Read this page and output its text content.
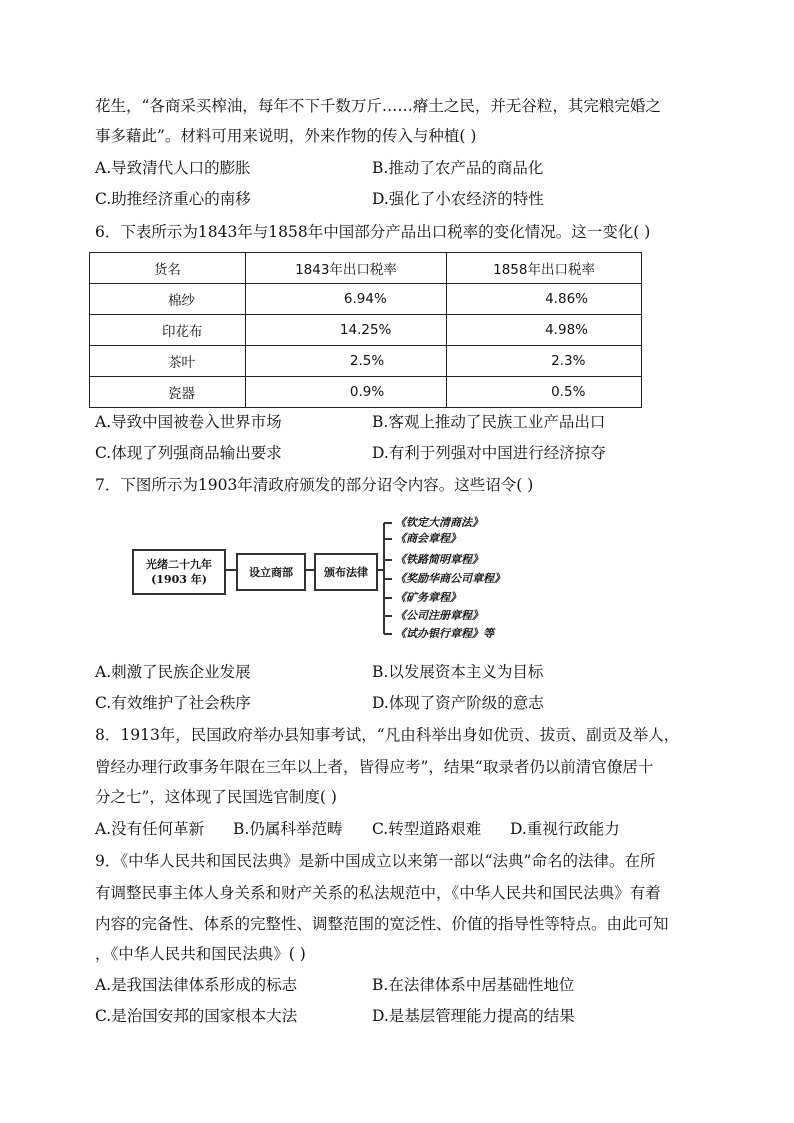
花生，“各商采买榨油，每年不下千数万斤……瘠土之民，并无谷粒，其完粮完婚之
事多藉此”。材料可用来说明，外来作物的传入与种植( )
A.导致清代人口的膨胀	B.推动了农产品的商品化
C.助推经济重心的南移	D.强化了小农经济的特性
6．下表所示为1843年与1858年中国部分产品出口税率的变化情况。这一变化( )
货名	1843年出口税率	1858年出口税率
棉纱	6.94%	4.86%
印花布	14.25%	4.98%
茶叶	2.5%	2.3%
瓷器	0.9%	0.5%
A.导致中国被卷入世界市场	B.客观上推动了民族工业产品出口
C.体现了列强商品输出要求	D.有利于列强对中国进行经济掠夺
7．下图所示为1903年清政府颁发的部分诏令内容。这些诏令( )
光绪二十九年
(1903 年)
设立商部	颁布法律
《钦定大清商法》
《商会章程》
《铁路简明章程》
《奖励华商公司章程》
《矿务章程》
《公司注册章程》
《试办银行章程》等
A.刺激了民族企业发展	B.以发展资本主义为目标
C.有效维护了社会秩序	D.体现了资产阶级的意志
8．1913年，民国政府举办县知事考试，“凡由科举出身如优贡、拔贡、副贡及举人，
曾经办理行政事务年限在三年以上者，皆得应考”，结果“取录者仍以前清官僚居十
分之七”，这体现了民国选官制度( )
A.没有任何革新 B.仍属科举范畴 C.转型道路艰难 D.重视行政能力
9．《中华人民共和国民法典》是新中国成立以来第一部以“法典”命名的法律。在所
有调整民事主体人身关系和财产关系的私法规范中，《中华人民共和国民法典》有着
内容的完备性、体系的完整性、调整范围的宽泛性、价值的指导性等特点。由此可知
，《中华人民共和国民法典》( )
A.是我国法律体系形成的标志	B.在法律体系中居基础性地位
C.是治国安邦的国家根本大法	D.是基层管理能力提高的结果
